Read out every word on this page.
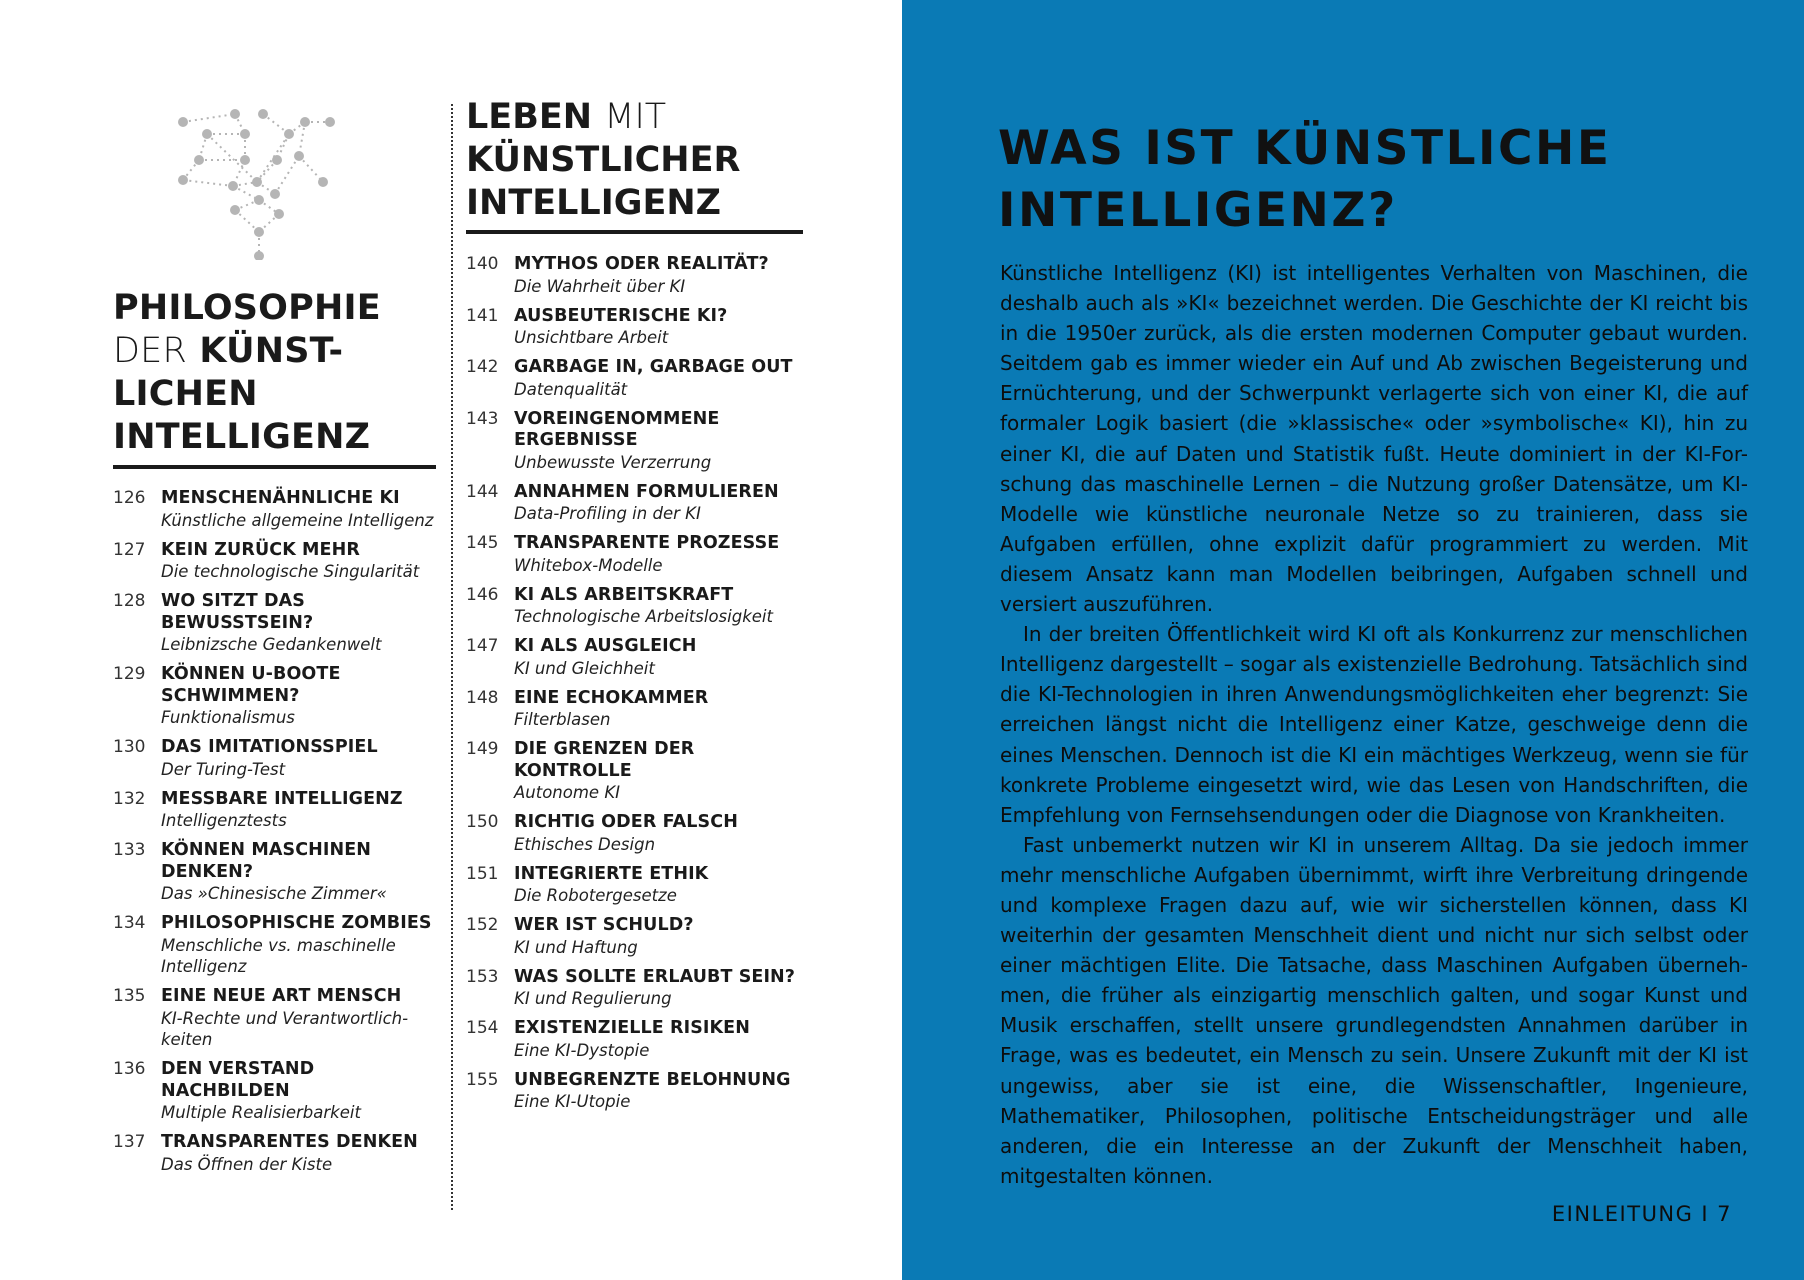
PHILOSOPHIE
DER KÜNST-
LICHEN
INTELLIGENZ
126 MENSCHENÄHNLICHE KI
Künstliche allgemeine Intelligenz
127 KEIN ZURÜCK MEHR
Die technologische Singularität
128 WO SITZT DAS BEWUSSTSEIN?
Leibnizsche Gedankenwelt
129 KÖNNEN U-BOOTE SCHWIMMEN?
Funktionalismus
130 DAS IMITATIONSSPIEL
Der Turing-Test
132 MESSBARE INTELLIGENZ
Intelligenztests
133 KÖNNEN MASCHINEN DENKEN?
Das »Chinesische Zimmer«
134 PHILOSOPHISCHE ZOMBIES
Menschliche vs. maschinelle Intelligenz
135 EINE NEUE ART MENSCH
KI-Rechte und Verantwortlich-keiten
136 DEN VERSTAND NACHBILDEN
Multiple Realisierbarkeit
137 TRANSPARENTES DENKEN
Das Öffnen der Kiste
LEBEN MIT
KÜNSTLICHER
INTELLIGENZ
140 MYTHOS ODER REALITÄT?
Die Wahrheit über KI
141 AUSBEUTERISCHE KI?
Unsichtbare Arbeit
142 GARBAGE IN, GARBAGE OUT
Datenqualität
143 VOREINGENOMMENE ERGEBNISSE
Unbewusste Verzerrung
144 ANNAHMEN FORMULIEREN
Data-Profiling in der KI
145 TRANSPARENTE PROZESSE
Whitebox-Modelle
146 KI ALS ARBEITSKRAFT
Technologische Arbeitslosigkeit
147 KI ALS AUSGLEICH
KI und Gleichheit
148 EINE ECHOKAMMER
Filterblasen
149 DIE GRENZEN DER KONTROLLE
Autonome KI
150 RICHTIG ODER FALSCH
Ethisches Design
151 INTEGRIERTE ETHIK
Die Robotergesetze
152 WER IST SCHULD?
KI und Haftung
153 WAS SOLLTE ERLAUBT SEIN?
KI und Regulierung
154 EXISTENZIELLE RISIKEN
Eine KI-Dystopie
155 UNBEGRENZTE BELOHNUNG
Eine KI-Utopie
WAS IST KÜNSTLICHE
INTELLIGENZ?

Künstliche Intelligenz (KI) ist intelligentes Verhalten von Maschinen, die deshalb auch als »KI« bezeichnet werden. Die Geschichte der KI reicht bis in die 1950er zurück, als die ersten modernen Computer gebaut wurden. Seitdem gab es immer wieder ein Auf und Ab zwischen Begeisterung und Ernüchterung, und der Schwerpunkt verlagerte sich von einer KI, die auf formaler Logik basiert (die »klassische« oder »symbolische« KI), hin zu einer KI, die auf Daten und Statistik fußt. Heute dominiert in der KI-For-schung das maschinelle Lernen – die Nutzung großer Datensätze, um KI-Modelle wie künstliche neuronale Netze so zu trainieren, dass sie Aufgaben erfüllen, ohne explizit dafür programmiert zu werden. Mit diesem Ansatz kann man Modellen beibringen, Aufgaben schnell und versiert auszuführen.

In der breiten Öffentlichkeit wird KI oft als Konkurrenz zur menschlichen Intelligenz dargestellt – sogar als existenzielle Bedrohung. Tatsächlich sind die KI-Technologien in ihren Anwendungsmöglichkeiten eher begrenzt: Sie erreichen längst nicht die Intelligenz einer Katze, geschweige denn die eines Menschen. Dennoch ist die KI ein mächtiges Werkzeug, wenn sie für konkrete Probleme eingesetzt wird, wie das Lesen von Handschriften, die Empfehlung von Fernsehsendungen oder die Diagnose von Krankheiten.

Fast unbemerkt nutzen wir KI in unserem Alltag. Da sie jedoch immer mehr menschliche Aufgaben übernimmt, wirft ihre Verbreitung dringende und komplexe Fragen dazu auf, wie wir sicherstellen können, dass KI weiterhin der gesamten Menschheit dient und nicht nur sich selbst oder einer mächtigen Elite. Die Tatsache, dass Maschinen Aufgaben überneh-men, die früher als einzigartig menschlich galten, und sogar Kunst und Musik erschaffen, stellt unsere grundlegendsten Annahmen darüber in Frage, was es bedeutet, ein Mensch zu sein. Unsere Zukunft mit der KI ist ungewiss, aber sie ist eine, die Wissenschaftler, Ingenieure, Mathematiker, Philosophen, politische Entscheidungsträger und alle anderen, die ein Interesse an der Zukunft der Menschheit haben, mitgestalten können.

EINLEITUNG I 7
